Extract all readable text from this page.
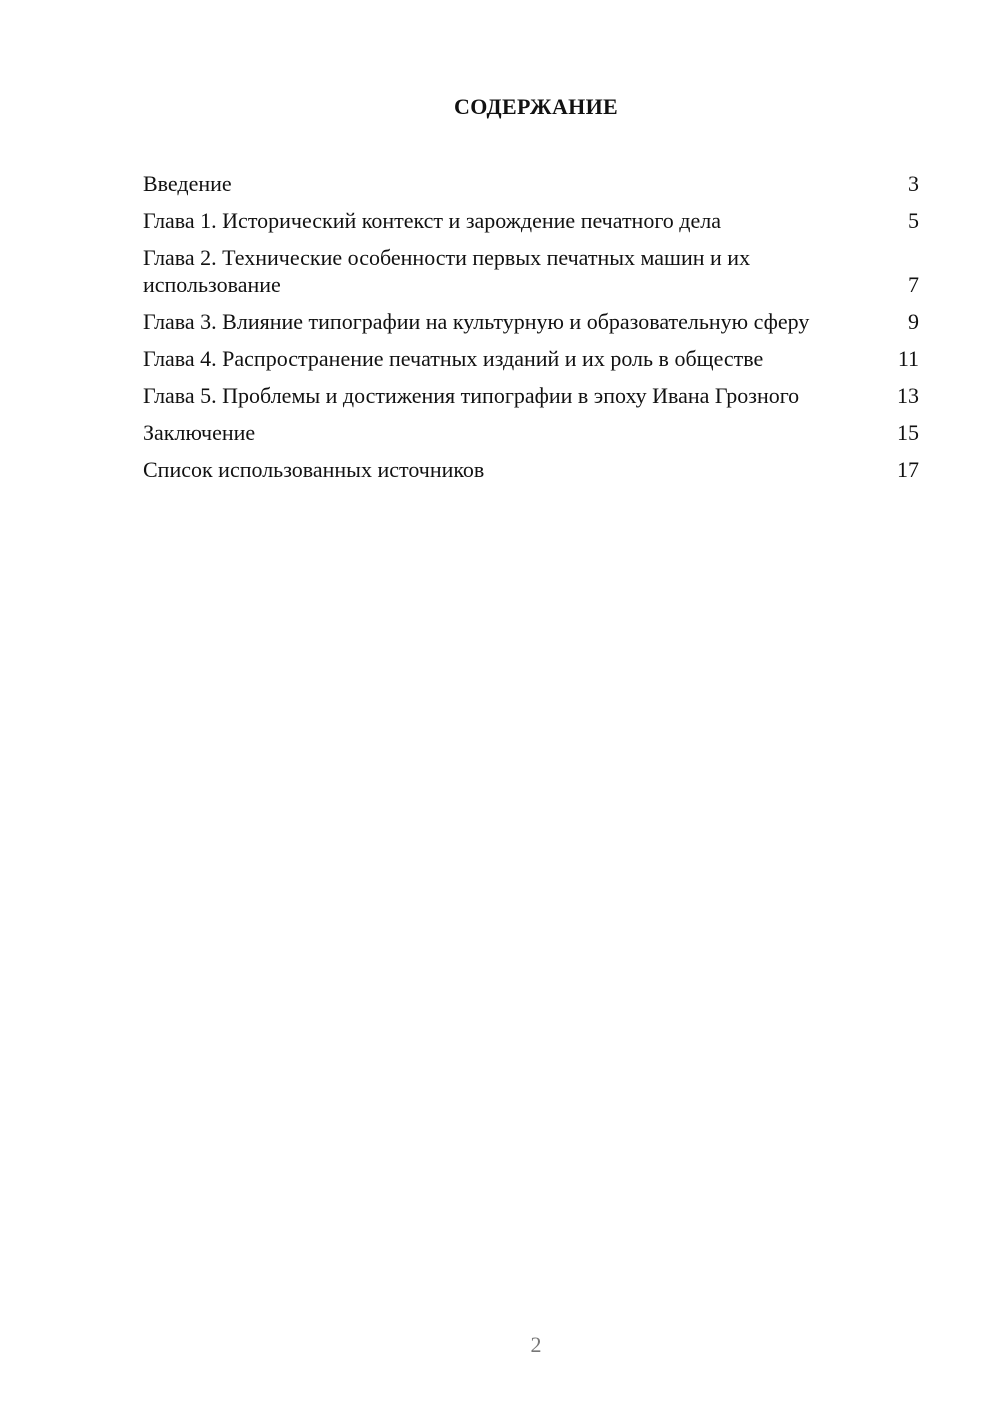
СОДЕРЖАНИЕ
Введение	3
Глава 1. Исторический контекст и зарождение печатного дела	5
Глава 2. Технические особенности первых печатных машин и их использование	7
Глава 3. Влияние типографии на культурную и образовательную сферу	9
Глава 4. Распространение печатных изданий и их роль в обществе	11
Глава 5. Проблемы и достижения типографии в эпоху Ивана Грозного	13
Заключение	15
Список использованных источников	17
2
